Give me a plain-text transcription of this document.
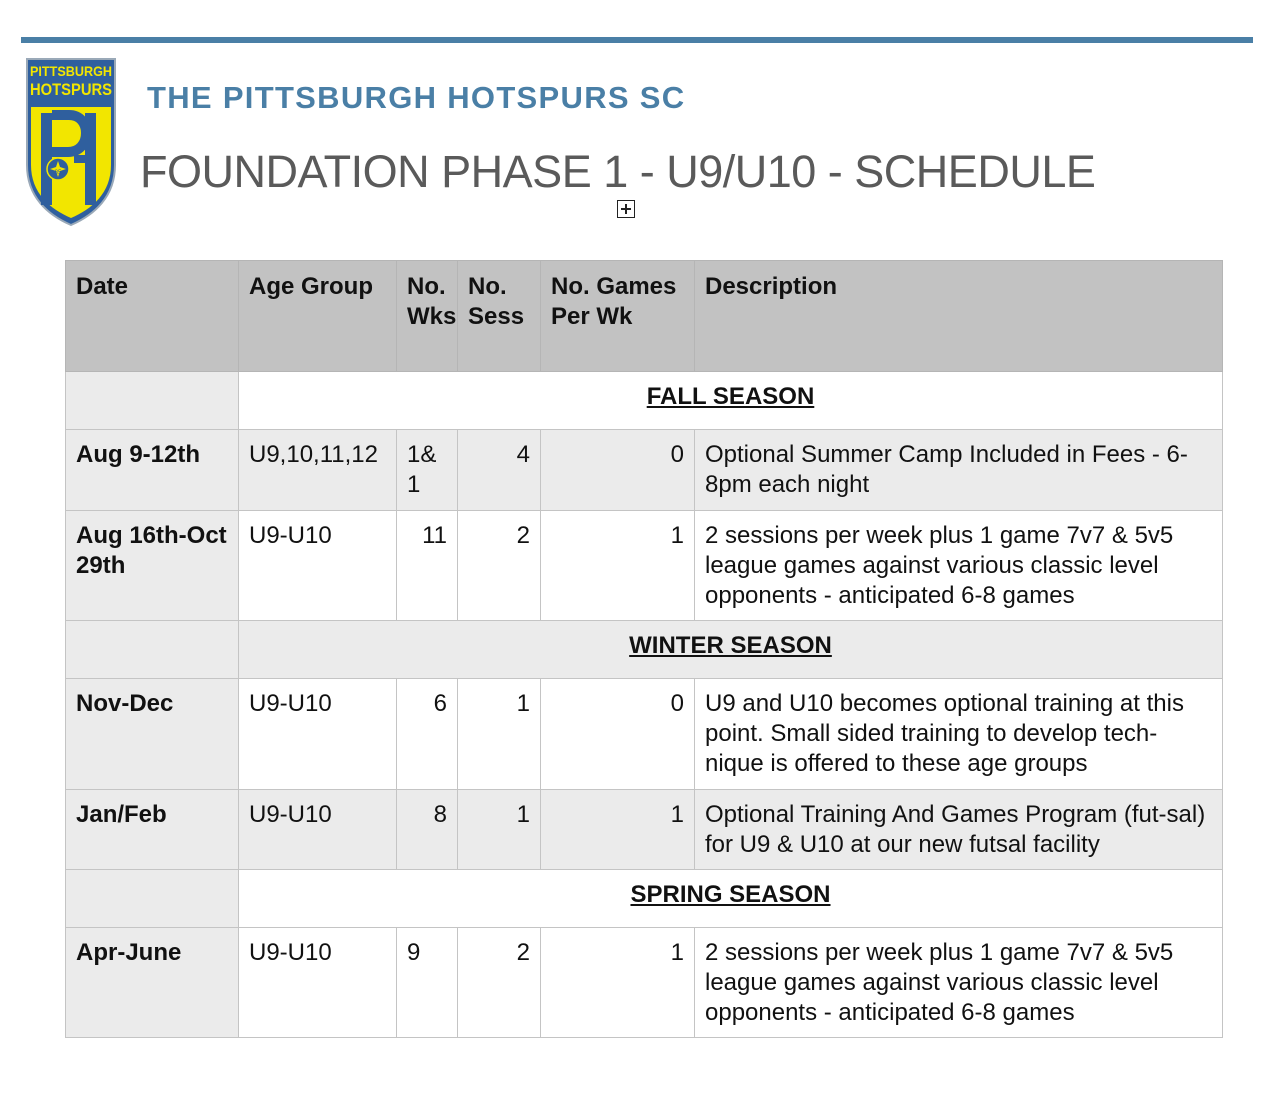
PITTSBURGH
HOTSPURS
85
THE PITTSBURGH HOTSPURS SC
FOUNDATION PHASE 1 - U9/U10 - SCHEDULE
Date	Age Group	No. Wks	No. Sess	No. Games Per Wk	Description
	FALL SEASON				
Aug 9-12th	U9,10,11,12	1& 1	4	0	Optional Summer Camp Included in Fees - 6-8pm each night
Aug 16th-Oct 29th	U9-U10	11	2	1	2 sessions per week plus 1 game 7v7 & 5v5 league games against various classic level opponents - anticipated 6-8 games
	WINTER SEASON				
Nov-Dec	U9-U10	6	1	0	U9 and U10 becomes optional training at this point. Small sided training to develop tech-nique is offered to these age groups
Jan/Feb	U9-U10	8	1	1	Optional Training And Games Program (fut-sal) for U9 & U10 at our new futsal facility
	SPRING SEASON				
Apr-June	U9-U10	9	2	1	2 sessions per week plus 1 game 7v7 & 5v5 league games against various classic level opponents - anticipated 6-8 games
